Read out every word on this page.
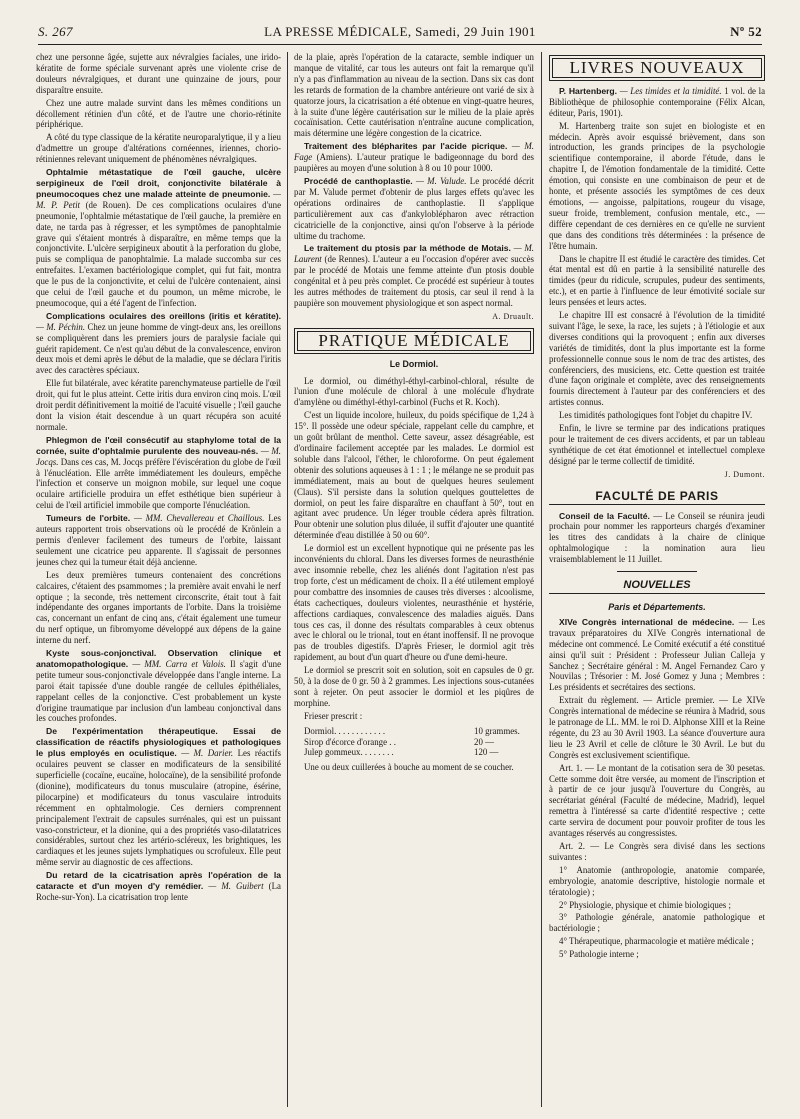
S. 267	LA PRESSE MÉDICALE, Samedi, 29 Juin 1901	Nº 52

chez une personne âgée, sujette aux névralgies faciales, une irido-kératite de forme spéciale survenant après une violente crise de douleurs névralgiques, et durant une quinzaine de jours, pour disparaître ensuite.

Chez une autre malade survint dans les mêmes conditions un décollement rétinien d'un côté, et de l'autre une chorio-rétinite périphérique.

A côté du type classique de la kératite neuroparalytique, il y a lieu d'admettre un groupe d'altérations cornéennes, iriennes, chorio-rétiniennes relevant uniquement de phénomènes névralgiques.

Ophtalmie métastatique de l'œil gauche, ulcère serpigineux de l'œil droit, conjonctivite bilatérale à pneumocoques chez une malade atteinte de pneumonie. — M. P. Petit (de Rouen). De ces complications oculaires d'une pneumonie, l'ophtalmie métastatique de l'œil gauche, la première en date, ne tarda pas à régresser, et les symptômes de panophtalmie grave qui s'étaient montrés à disparaître, en même temps que la conjonctivite. L'ulcère serpigineux aboutit à la perforation du globe, puis se compliqua de panophtalmie. La malade succomba sur ces entrefaites. L'examen bactériologique complet, qui fut fait, montra que le pus de la conjonctivite, et celui de l'ulcère contenaient, ainsi que celui de l'œil gauche et du poumon, un même microbe, le pneumocoque, qui a été l'agent de l'infection.

Complications oculaires des oreillons (iritis et kératite). — M. Péchin. Chez un jeune homme de vingt-deux ans, les oreillons se compliquèrent dans les premiers jours de paralysie faciale qui guérit rapidement. Ce n'est qu'au début de la convalescence, environ deux mois et demi après le début de la maladie, que se déclara l'iritis avec des caractères spéciaux.

Elle fut bilatérale, avec kératite parenchymateuse partielle de l'œil droit, qui fut le plus atteint. Cette iritis dura environ cinq mois. L'œil droit perdit définitivement la moitié de l'acuité visuelle ; l'œil gauche dont la vision était descendue à un quart récupéra son acuité normale.

Phlegmon de l'œil consécutif au staphylome total de la cornée, suite d'ophtalmie purulente des nouveau-nés. — M. Jocqs. Dans ces cas, M. Jocqs préfère l'éviscération du globe de l'œil à l'énucléation. Elle arrête immédiatement les douleurs, empêche l'infection et conserve un moignon mobile, sur lequel une coque oculaire artificielle produira un effet esthétique bien supérieur à celui de l'œil artificiel immobile que comporte l'énucléation.

Tumeurs de l'orbite. — MM. Chevallereau et Chaillous. Les auteurs rapportent trois observations où le procédé de Krönlein a permis d'enlever facilement des tumeurs de l'orbite, laissant seulement une cicatrice peu apparente. Il s'agissait de personnes jeunes chez qui la tumeur était déjà ancienne.

Les deux premières tumeurs contenaient des concrétions calcaires, c'étaient des psammomes ; la première avait envahi le nerf optique ; la seconde, très nettement circonscrite, était tout à fait indépendante des organes importants de l'orbite. Dans la troisième cas, concernant un enfant de cinq ans, c'était également une tumeur du nerf optique, un fibromyome développé aux dépens de la gaine interne du nerf.

Kyste sous-conjonctival. Observation clinique et anatomopathologique. — MM. Carra et Valois. Il s'agit d'une petite tumeur sous-conjonctivale développée dans l'angle interne. La paroi était tapissée d'une double rangée de cellules épithéliales, rappelant celles de la conjonctive. C'est probablement un kyste d'origine traumatique par inclusion d'un lambeau conjonctival dans les couches profondes.

De l'expérimentation thérapeutique. Essai de classification de réactifs physiologiques et pathologiques le plus employés en oculistique. — M. Darier. Les réactifs oculaires peuvent se classer en modificateurs de la sensibilité superficielle (cocaïne, eucaïne, holocaïne), de la sensibilité profonde (dionine), modificateurs du tonus musculaire (atropine, ésérine, pilocarpine) et modificateurs du tonus vasculaire introduits récemment en ophtalmologie. Ces derniers comprennent principalement l'extrait de capsules surrénales, qui est un puissant vaso-constricteur, et la dionine, qui a des propriétés vaso-dilatatrices considérables, surtout chez les artério-scléreux, les brightiques, les cardiaques et les jeunes sujets lymphatiques ou scrofuleux. Elle peut même servir au diagnostic de ces affections.

Du retard de la cicatrisation après l'opération de la cataracte et d'un moyen d'y remédier. — M. Guibert (La Roche-sur-Yon). La cicatrisation trop lente

de la plaie, après l'opération de la cataracte, semble indiquer un manque de vitalité, car tous les auteurs ont fait la remarque qu'il n'y a pas d'inflammation au niveau de la section. Dans six cas dont les retards de formation de la chambre antérieure ont varié de six à quatorze jours, la cicatrisation a été obtenue en vingt-quatre heures, à la suite d'une légère cautérisation sur le milieu de la plaie après cocaïnisation. Cette cautérisation n'entraîne aucune complication, mais détermine une légère congestion de la cicatrice.

Traitement des blépharites par l'acide picrique. — M. Fage (Amiens). L'auteur pratique le badigeonnage du bord des paupières au moyen d'une solution à 8 ou 10 pour 1000.

Procédé de canthoplastie. — M. Valude. Le procédé décrit par M. Valude permet d'obtenir de plus larges effets qu'avec les opérations ordinaires de canthoplastie. Il s'applique particulièrement aux cas d'ankyloblépharon avec rétraction cicatricielle de la conjonctive, ainsi qu'on l'observe à la période ultime du trachome.

Le traitement du ptosis par la méthode de Motais. — M. Laurent (de Rennes). L'auteur a eu l'occasion d'opérer avec succès par le procédé de Motais une femme atteinte d'un ptosis double congénital et à peu près complet. Ce procédé est supérieur à toutes les autres méthodes de traitement du ptosis, car seul il rend à la paupière son mouvement physiologique et son aspect normal.

A. Druault.
PRATIQUE MÉDICALE
Le Dormiol.

Le dormiol, ou diméthyl-éthyl-carbinol-chloral, résulte de l'union d'une molécule de chloral à une molécule d'hydrate d'amylène ou diméthyl-éthyl-carbinol (Fuchs et R. Koch).

C'est un liquide incolore, huileux, du poids spécifique de 1,24 à 15°. Il possède une odeur spéciale, rappelant celle du camphre, et un goût brûlant de menthol. Cette saveur, assez désagréable, est d'ordinaire facilement acceptée par les malades. Le dormiol est soluble dans l'alcool, l'éther, le chloroforme. On peut également obtenir des solutions aqueuses à 1 : 1 ; le mélange ne se produit pas immédiatement, mais au bout de quelques heures seulement (Claus). S'il persiste dans la solution quelques gouttelettes de dormiol, on peut les faire disparaître en chauffant à 50°, tout en agitant avec prudence. Un léger trouble cédera après filtration. Pour obtenir une solution plus diluée, il suffit d'ajouter une quantité déterminée d'eau distillée à 50 ou 60°.

Le dormiol est un excellent hypnotique qui ne présente pas les inconvénients du chloral. Dans les diverses formes de neurasthénie avec insomnie rebelle, chez les aliénés dont l'agitation n'est pas trop forte, c'est un médicament de choix. Il a été utilement employé pour combattre des insomnies de causes très diverses : alcoolisme, états cachectiques, douleurs violentes, neurasthénie et hystérie, affections cardiaques, convalescence des maladies aiguës. Dans tous ces cas, il donne des résultats comparables à ceux obtenus avec le chloral ou le trional, tout en étant inoffensif. Il ne provoque pas de troubles digestifs. D'après Frieser, le dormiol agit très rapidement, au bout d'un quart d'heure ou d'une demi-heure.

Le dormiol se prescrit soit en solution, soit en capsules de 0 gr. 50, à la dose de 0 gr. 50 à 2 grammes. Les injections sous-cutanées sont à rejeter. On peut associer le dormiol et les piqûres de morphine.

Frieser prescrit :

Dormiol. . . . . . . . . . . .	10 grammes.
Sirop d'écorce d'orange . .	20 —
Julep gommeux. . . . . . . .	120 —

Une ou deux cuillerées à bouche au moment de se coucher.

LIVRES NOUVEAUX

P. Hartenberg. — Les timides et la timidité. 1 vol. de la Bibliothèque de philosophie contemporaine (Félix Alcan, éditeur, Paris, 1901).

M. Hartenberg traite son sujet en biologiste et en médecin. Après avoir esquissé brièvement, dans son introduction, les grands principes de la psychologie scientifique contemporaine, il aborde l'étude, dans le chapitre I, de l'émotion fondamentale de la timidité. Cette émotion, qui consiste en une combinaison de peur et de honte, et présente associés les symptômes de ces deux émotions, — angoisse, palpitations, rougeur du visage, sueur froide, tremblement, confusion mentale, etc., — diffère cependant de ces dernières en ce qu'elle ne survient que dans des conditions très déterminées : la présence de l'être humain.

Dans le chapitre II est étudié le caractère des timides. Cet état mental est dû en partie à la sensibilité naturelle des timides (peur du ridicule, scrupules, pudeur des sentiments, etc.), et en partie à l'influence de leur émotivité sociale sur leurs pensées et leurs actes.

Le chapitre III est consacré à l'évolution de la timidité suivant l'âge, le sexe, la race, les sujets ; à l'étiologie et aux diverses conditions qui la provoquent ; enfin aux diverses variétés de timidités, dont la plus importante est la forme professionnelle connue sous le nom de trac des artistes, des conférenciers, des musiciens, etc. Cette question est traitée d'une façon originale et complète, avec des renseignements fournis directement à l'auteur par des conférenciers et des artistes connus.

Les timidités pathologiques font l'objet du chapitre IV.

Enfin, le livre se termine par des indications pratiques pour le traitement de ces divers accidents, et par un tableau synthétique de cet état émotionnel et intellectuel complexe désigné par le terme collectif de timidité.

J. Dumont.
FACULTÉ DE PARIS

Conseil de la Faculté. — Le Conseil se réunira jeudi prochain pour nommer les rapporteurs chargés d'examiner les titres des candidats à la chaire de clinique ophtalmologique : la nomination aura lieu vraisemblablement le 11 Juillet.

NOUVELLES
Paris et Départements.

XIVe Congrès international de médecine. — Les travaux préparatoires du XIVe Congrès international de médecine ont commencé. Le Comité exécutif a été constitué ainsi qu'il suit : Président : Professeur Julian Calleja y Sanchez ; Secrétaire général : M. Angel Fernandez Caro y Nouvilas ; Trésorier : M. José Gomez y Juna ; Membres : Les présidents et secrétaires des sections.

Extrait du règlement. — Article premier. — Le XIVe Congrès international de médecine se réunira à Madrid, sous le patronage de LL. MM. le roi D. Alphonse XIII et la Reine régente, du 23 au 30 Avril 1903. La séance d'ouverture aura lieu le 23 Avril et celle de clôture le 30 Avril. Le but du Congrès est exclusivement scientifique.

Art. 1. — Le montant de la cotisation sera de 30 pesetas. Cette somme doit être versée, au moment de l'inscription et à partir de ce jour jusqu'à l'ouverture du Congrès, au secrétariat général (Faculté de médecine, Madrid), lequel remettra à l'intéressé sa carte d'identité respective ; cette carte servira de document pour pouvoir profiter de tous les avantages réservés au congressistes.

Art. 2. — Le Congrès sera divisé dans les sections suivantes :

1° Anatomie (anthropologie, anatomie comparée, embryologie, anatomie descriptive, histologie normale et tératologie) ;

2° Physiologie, physique et chimie biologiques ;

3° Pathologie générale, anatomie pathologique et bactériologie ;

4° Thérapeutique, pharmacologie et matière médicale ;

5° Pathologie interne ;
